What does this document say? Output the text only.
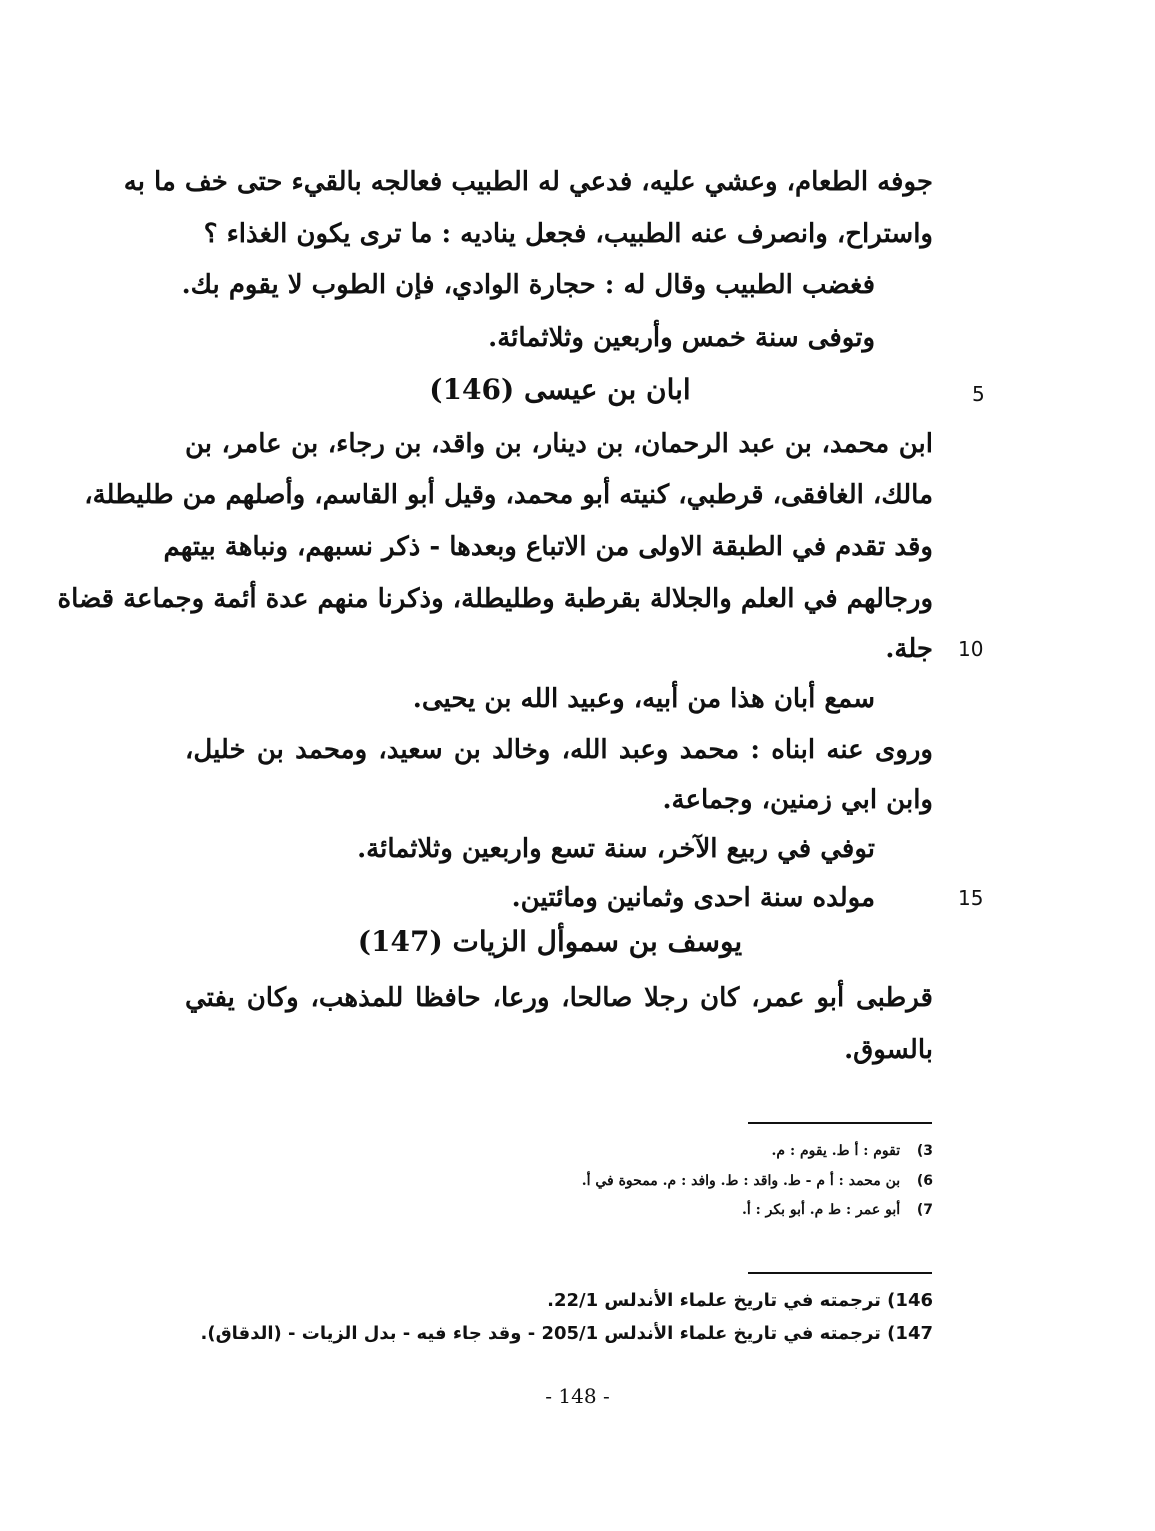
جوفه الطعام، وعشي عليه، فدعي له الطبيب فعالجه بالقيء حتى خف ما به
واستراح، وانصرف عنه الطبيب، فجعل يناديه : ما ترى يكون الغذاء ؟
فغضب الطبيب وقال له : حجارة الوادي، فإن الطوب لا يقوم بك.
وتوفى سنة خمس وأربعين وثلاثمائة.
ابان بن عيسى (146)	5
ابن محمد، بن عبد الرحمان، بن دينار، بن واقد، بن رجاء، بن عامر، بن
مالك، الغافقى، قرطبي، كنيته أبو محمد، وقيل أبو القاسم، وأصلهم من طليطلة،
وقد تقدم في الطبقة الاولى من الاتباع وبعدها - ذكر نسبهم، ونباهة بيتهم
ورجالهم في العلم والجلالة بقرطبة وطليطلة، وذكرنا منهم عدة أئمة وجماعة قضاة
جلة. 10
سمع أبان هذا من أبيه، وعبيد الله بن يحيى.
وروى عنه ابناه : محمد وعبد الله، وخالد بن سعيد، ومحمد بن خليل،
وابن ابي زمنين، وجماعة.
توفي في ربيع الآخر، سنة تسع واربعين وثلاثمائة.
مولده سنة احدى وثمانين ومائتين.	15
يوسف بن سموأل الزيات (147)
قرطبى أبو عمر، كان رجلا صالحا، ورعا، حافظا للمذهب، وكان يفتي
بالسوق.
3) تقوم : أ ط. يقوم : م.
6) بن محمد : أ م - ط. واقد : ط. وافد : م. ممحوة في أ.
7) أبو عمر : ط م. أبو بكر : أ.
146) ترجمته في تاريخ علماء الأندلس 22/1.
147) ترجمته في تاريخ علماء الأندلس 205/1 - وقد جاء فيه - بدل الزيات - (الدقاق).
- 148 -
